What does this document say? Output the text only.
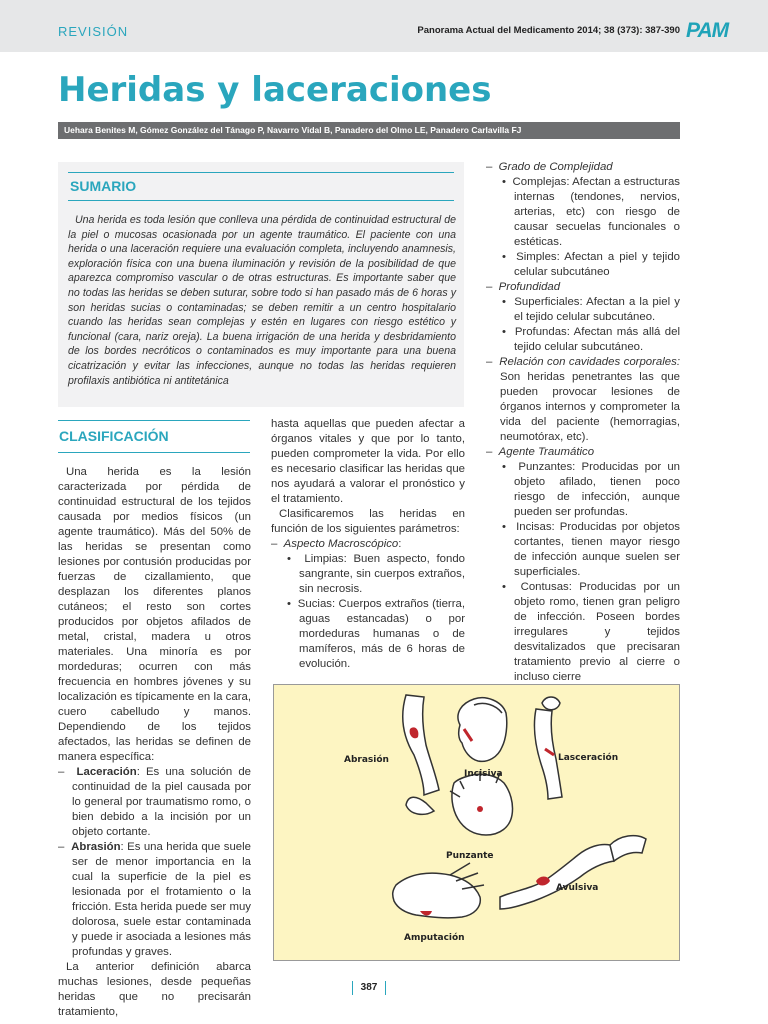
REVISIÓN	Panorama Actual del Medicamento 2014; 38 (373): 387-390 PAM
Heridas y laceraciones
Uehara Benites M, Gómez González del Tánago P, Navarro Vidal B, Panadero del Olmo LE, Panadero Carlavilla FJ
SUMARIO

Una herida es toda lesión que conlleva una pérdida de continuidad estructural de la piel o mucosas ocasionada por un agente traumático. El paciente con una herida o una laceración requiere una evaluación completa, incluyendo anamnesis, exploración física con una buena iluminación y revisión de la posibilidad de que aparezca compromiso vascular o de otras estructuras. Es importante saber que no todas las heridas se deben suturar, sobre todo si han pasado más de 6 horas y son heridas sucias o contaminadas; se deben remitir a un centro hospitalario cuando las heridas sean complejas y estén en lugares con riesgo estético y funcional (cara, nariz oreja). La buena irrigación de una herida y desbridamiento de los bordes necróticos o contaminados es muy importante para una buena cicatrización y evitar las infecciones, aunque no todas las heridas requieren profilaxis antibiótica ni antitetánica

CLASIFICACIÓN

Una herida es la lesión caracterizada por pérdida de continuidad estructural de los tejidos causada por medios físicos (un agente traumático). Más del 50% de las heridas se presentan como lesiones por contusión producidas por fuerzas de cizallamiento, que desplazan los diferentes planos cutáneos; el resto son cortes producidos por objetos afilados de metal, cristal, madera u otros materiales. Una minoría es por mordeduras; ocurren con más frecuencia en hombres jóvenes y su localización es típicamente en la cara, cuero cabelludo y manos. Dependiendo de los tejidos afectados, las heridas se definen de manera específica:

–  Laceración: Es una solución de continuidad de la piel causada por lo general por traumatismo romo, o bien debido a la incisión por un objeto cortante.

–  Abrasión: Es una herida que suele ser de menor importancia en la cual la superficie de la piel es lesionada por el frotamiento o la fricción. Esta herida puede ser muy dolorosa, suele estar contaminada y puede ir asociada a lesiones más profundas y graves.

La anterior definición abarca muchas lesiones, desde pequeñas heridas que no precisarán tratamiento,

hasta aquellas que pueden afectar a órganos vitales y que por lo tanto, pueden comprometer la vida. Por ello es necesario clasificar las heridas que nos ayudará a valorar el pronóstico y el tratamiento.

Clasificaremos las heridas en función de los siguientes parámetros:

–  Aspecto Macroscópico:

•  Limpias: Buen aspecto, fondo sangrante, sin cuerpos extraños, sin necrosis.

•  Sucias: Cuerpos extraños (tierra, aguas estancadas) o por mordeduras humanas o de mamíferos, más de 6 horas de evolución.

–  Grado de Complejidad

•  Complejas: Afectan a estructuras internas (tendones, nervios, arterias, etc) con riesgo de causar secuelas funcionales o estéticas.

•  Simples: Afectan a piel y tejido celular subcutáneo

–  Profundidad

•  Superficiales: Afectan a la piel y el tejido celular subcutáneo.

•  Profundas: Afectan más allá del tejido celular subcutáneo.

–  Relación con cavidades corporales: Son heridas penetrantes las que pueden provocar lesiones de órganos internos y comprometer la vida del paciente (hemorragias, neumotórax, etc).

–  Agente Traumático

•  Punzantes: Producidas por un objeto afilado, tienen poco riesgo de infección, aunque pueden ser profundas.

•  Incisas: Producidas por objetos cortantes, tienen mayor riesgo de infección aunque suelen ser superficiales.

•  Contusas: Producidas por un objeto romo, tienen gran peligro de infección. Poseen bordes irregulares y tejidos desvitalizados que precisaran tratamiento previo al cierre o incluso cierre

Abrasión
Incisiva
Lasceración
Punzante
Avulsiva
Amputación
387
